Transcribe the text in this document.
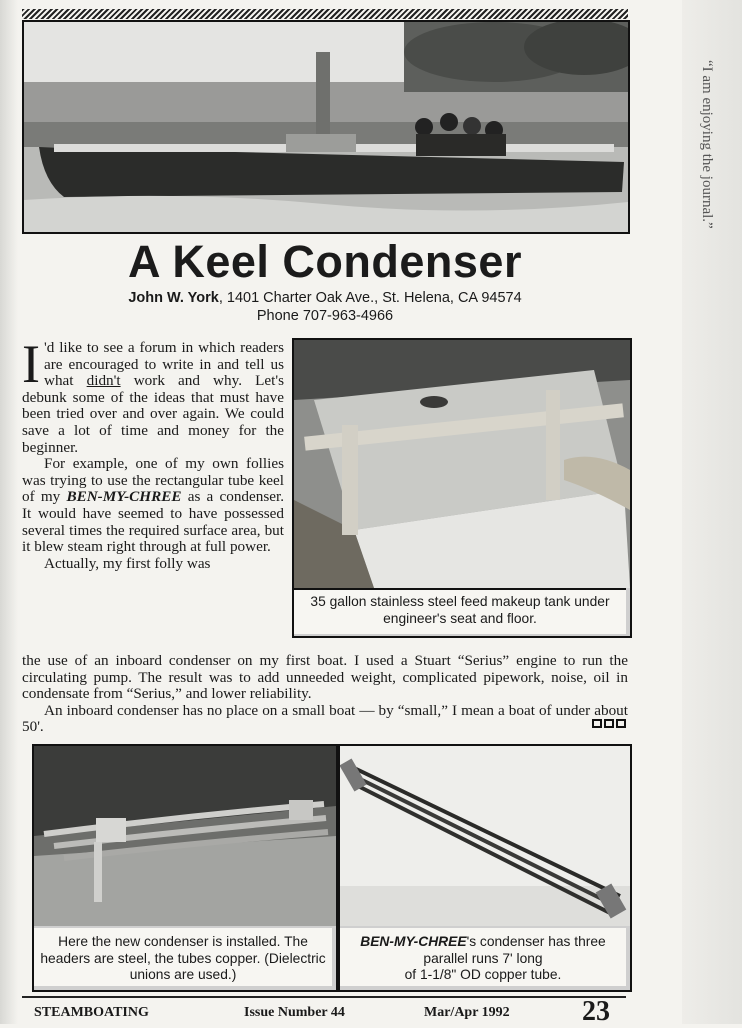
“I am enjoying the journal.”
A Keel Condenser
John W. York, 1401 Charter Oak Ave., St. Helena, CA 94574
Phone 707-963-4966

I 'd like to see a forum in which readers are encouraged to write in and tell us what didn't work and why. Let's debunk some of the ideas that must have been tried over and over again. We could save a lot of time and money for the beginner.

For example, one of my own follies was trying to use the rectangular tube keel of my BEN-MY-CHREE as a condenser. It would have seemed to have possessed several times the required surface area, but it blew steam right through at full power.

Actually, my first folly was

35 gallon stainless steel feed makeup tank under engineer's seat and floor.

the use of an inboard condenser on my first boat. I used a Stuart “Serius” engine to run the circulating pump. The result was to add unneeded weight, complicated pipework, noise, oil in condensate from “Serius,” and lower reliability.

An inboard condenser has no place on a small boat — by “small,” I mean a boat of under about 50'.

Here the new condenser is installed. The headers are steel, the tubes copper. (Dielectric unions are used.)
BEN-MY-CHREE's condenser has three parallel runs 7' long
of 1-1/8" OD copper tube.
STEAMBOATING	Issue Number 44	Mar/Apr 1992	23
